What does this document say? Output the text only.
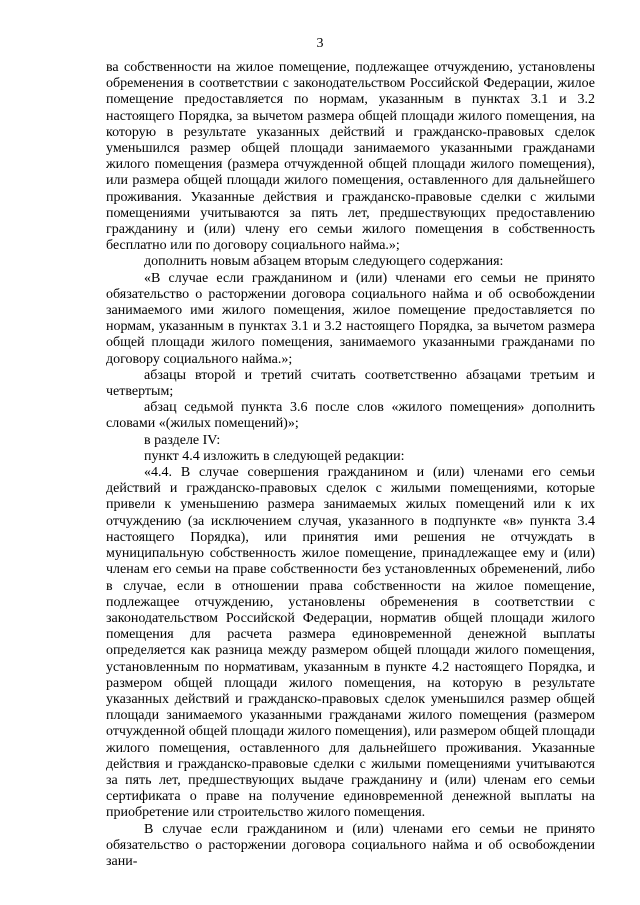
3

ва собственности на жилое помещение, подлежащее отчуждению, установлены обременения в соответствии с законодательством Российской Федерации, жилое помещение предоставляется по нормам, указанным в пунктах 3.1 и 3.2 настоящего Порядка, за вычетом размера общей площади жилого помещения, на которую в результате указанных действий и гражданско-правовых сделок уменьшился размер общей площади занимаемого указанными гражданами жилого помещения (размера отчужденной общей площади жилого помещения), или размера общей площади жилого помещения, оставленного для дальнейшего проживания. Указанные действия и гражданско-правовые сделки с жилыми помещениями учитываются за пять лет, предшествующих предоставлению гражданину и (или) члену его семьи жилого помещения в собственность бесплатно или по договору социального найма.»;

дополнить новым абзацем вторым следующего содержания:

«В случае если гражданином и (или) членами его семьи не принято обязательство о расторжении договора социального найма и об освобождении занимаемого ими жилого помещения, жилое помещение предоставляется по нормам, указанным в пунктах 3.1 и 3.2 настоящего Порядка, за вычетом размера общей площади жилого помещения, занимаемого указанными гражданами по договору социального найма.»;

абзацы второй и третий считать соответственно абзацами третьим и четвертым;

абзац седьмой пункта 3.6 после слов «жилого помещения» дополнить словами «(жилых помещений)»;

в разделе IV:

пункт 4.4 изложить в следующей редакции:

«4.4. В случае совершения гражданином и (или) членами его семьи действий и гражданско-правовых сделок с жилыми помещениями, которые привели к уменьшению размера занимаемых жилых помещений или к их отчуждению (за исключением случая, указанного в подпункте «в» пункта 3.4 настоящего Порядка), или принятия ими решения не отчуждать в муниципальную собственность жилое помещение, принадлежащее ему и (или) членам его семьи на праве собственности без установленных обременений, либо в случае, если в отношении права собственности на жилое помещение, подлежащее отчуждению, установлены обременения в соответствии с законодательством Российской Федерации, норматив общей площади жилого помещения для расчета размера единовременной денежной выплаты определяется как разница между размером общей площади жилого помещения, установленным по нормативам, указанным в пункте 4.2 настоящего Порядка, и размером общей площади жилого помещения, на которую в результате указанных действий и гражданско-правовых сделок уменьшился размер общей площади занимаемого указанными гражданами жилого помещения (размером отчужденной общей площади жилого помещения), или размером общей площади жилого помещения, оставленного для дальнейшего проживания. Указанные действия и гражданско-правовые сделки с жилыми помещениями учитываются за пять лет, предшествующих выдаче гражданину и (или) членам его семьи сертификата о праве на получение единовременной денежной выплаты на приобретение или строительство жилого помещения.

В случае если гражданином и (или) членами его семьи не принято обязательство о расторжении договора социального найма и об освобождении зани-
